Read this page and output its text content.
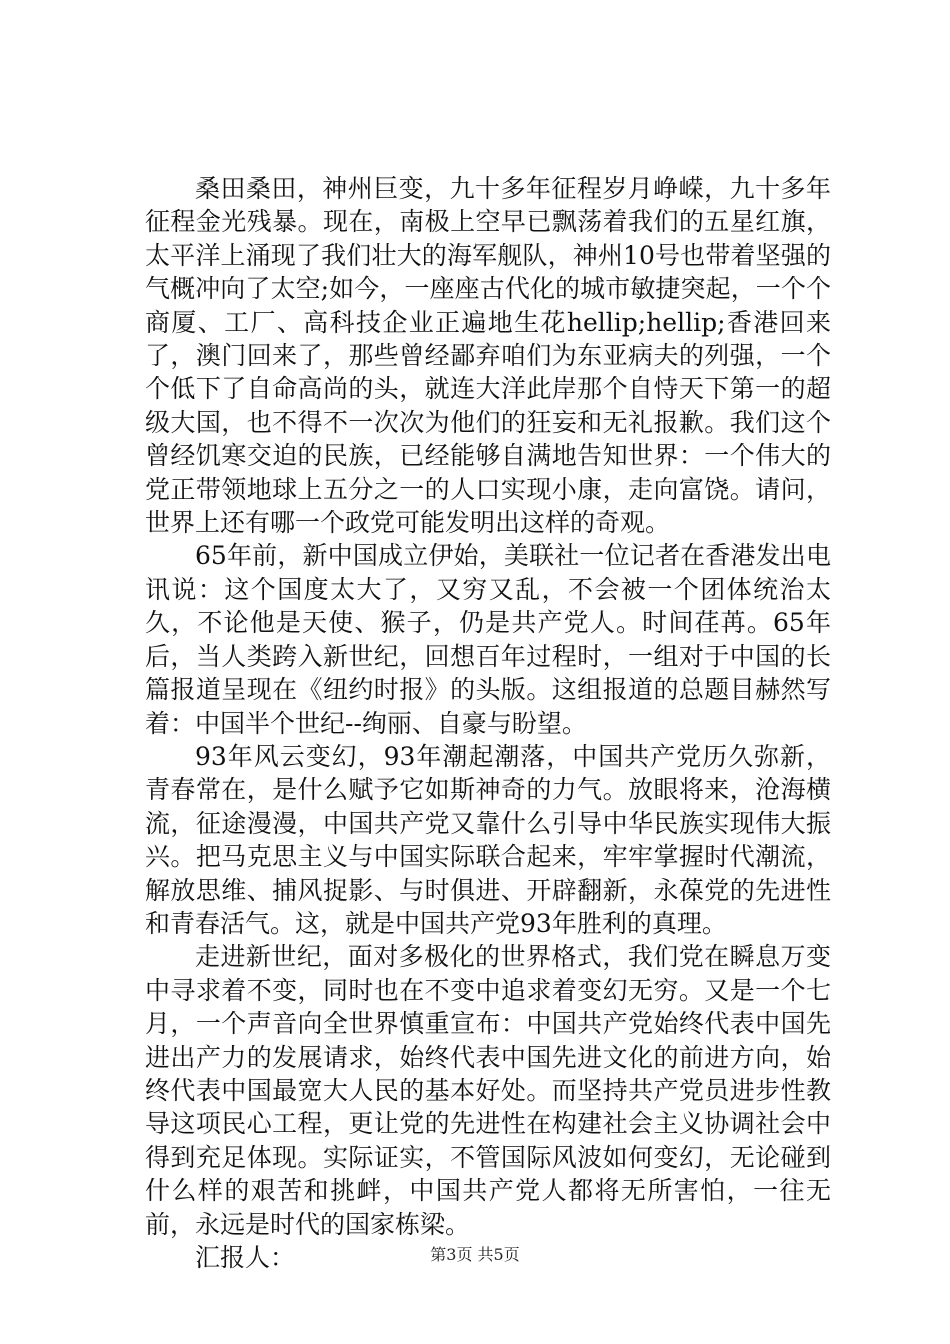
桑田桑田，神州巨变，九十多年征程岁月峥嵘，九十多年征程金光残暴。现在，南极上空早已飘荡着我们的五星红旗，太平洋上涌现了我们壮大的海军舰队，神州10号也带着坚强的气概冲向了太空;如今，一座座古代化的城市敏捷突起，一个个商厦、工厂、高科技企业正遍地生花hellip;hellip;香港回来了，澳门回来了，那些曾经鄙弃咱们为东亚病夫的列强，一个个低下了自命高尚的头，就连大洋此岸那个自恃天下第一的超级大国，也不得不一次次为他们的狂妄和无礼报歉。我们这个曾经饥寒交迫的民族，已经能够自满地告知世界：一个伟大的党正带领地球上五分之一的人口实现小康，走向富饶。请问，世界上还有哪一个政党可能发明出这样的奇观。

65年前，新中国成立伊始，美联社一位记者在香港发出电讯说：这个国度太大了，又穷又乱，不会被一个团体统治太久，不论他是天使、猴子，仍是共产党人。时间荏苒。65年后，当人类跨入新世纪，回想百年过程时，一组对于中国的长篇报道呈现在《纽约时报》的头版。这组报道的总题目赫然写着：中国半个世纪--绚丽、自豪与盼望。

93年风云变幻，93年潮起潮落，中国共产党历久弥新，青春常在，是什么赋予它如斯神奇的力气。放眼将来，沧海横流，征途漫漫，中国共产党又靠什么引导中华民族实现伟大振兴。把马克思主义与中国实际联合起来，牢牢掌握时代潮流，解放思维、捕风捉影、与时俱进、开辟翻新，永葆党的先进性和青春活气。这，就是中国共产党93年胜利的真理。

走进新世纪，面对多极化的世界格式，我们党在瞬息万变中寻求着不变，同时也在不变中追求着变幻无穷。又是一个七月，一个声音向全世界慎重宣布：中国共产党始终代表中国先进出产力的发展请求，始终代表中国先进文化的前进方向，始终代表中国最宽大人民的基本好处。而坚持共产党员进步性教导这项民心工程，更让党的先进性在构建社会主义协调社会中得到充足体现。实际证实，不管国际风波如何变幻，无论碰到什么样的艰苦和挑衅，中国共产党人都将无所害怕，一往无前，永远是时代的国家栋梁。

汇报人：	第3页 共5页
